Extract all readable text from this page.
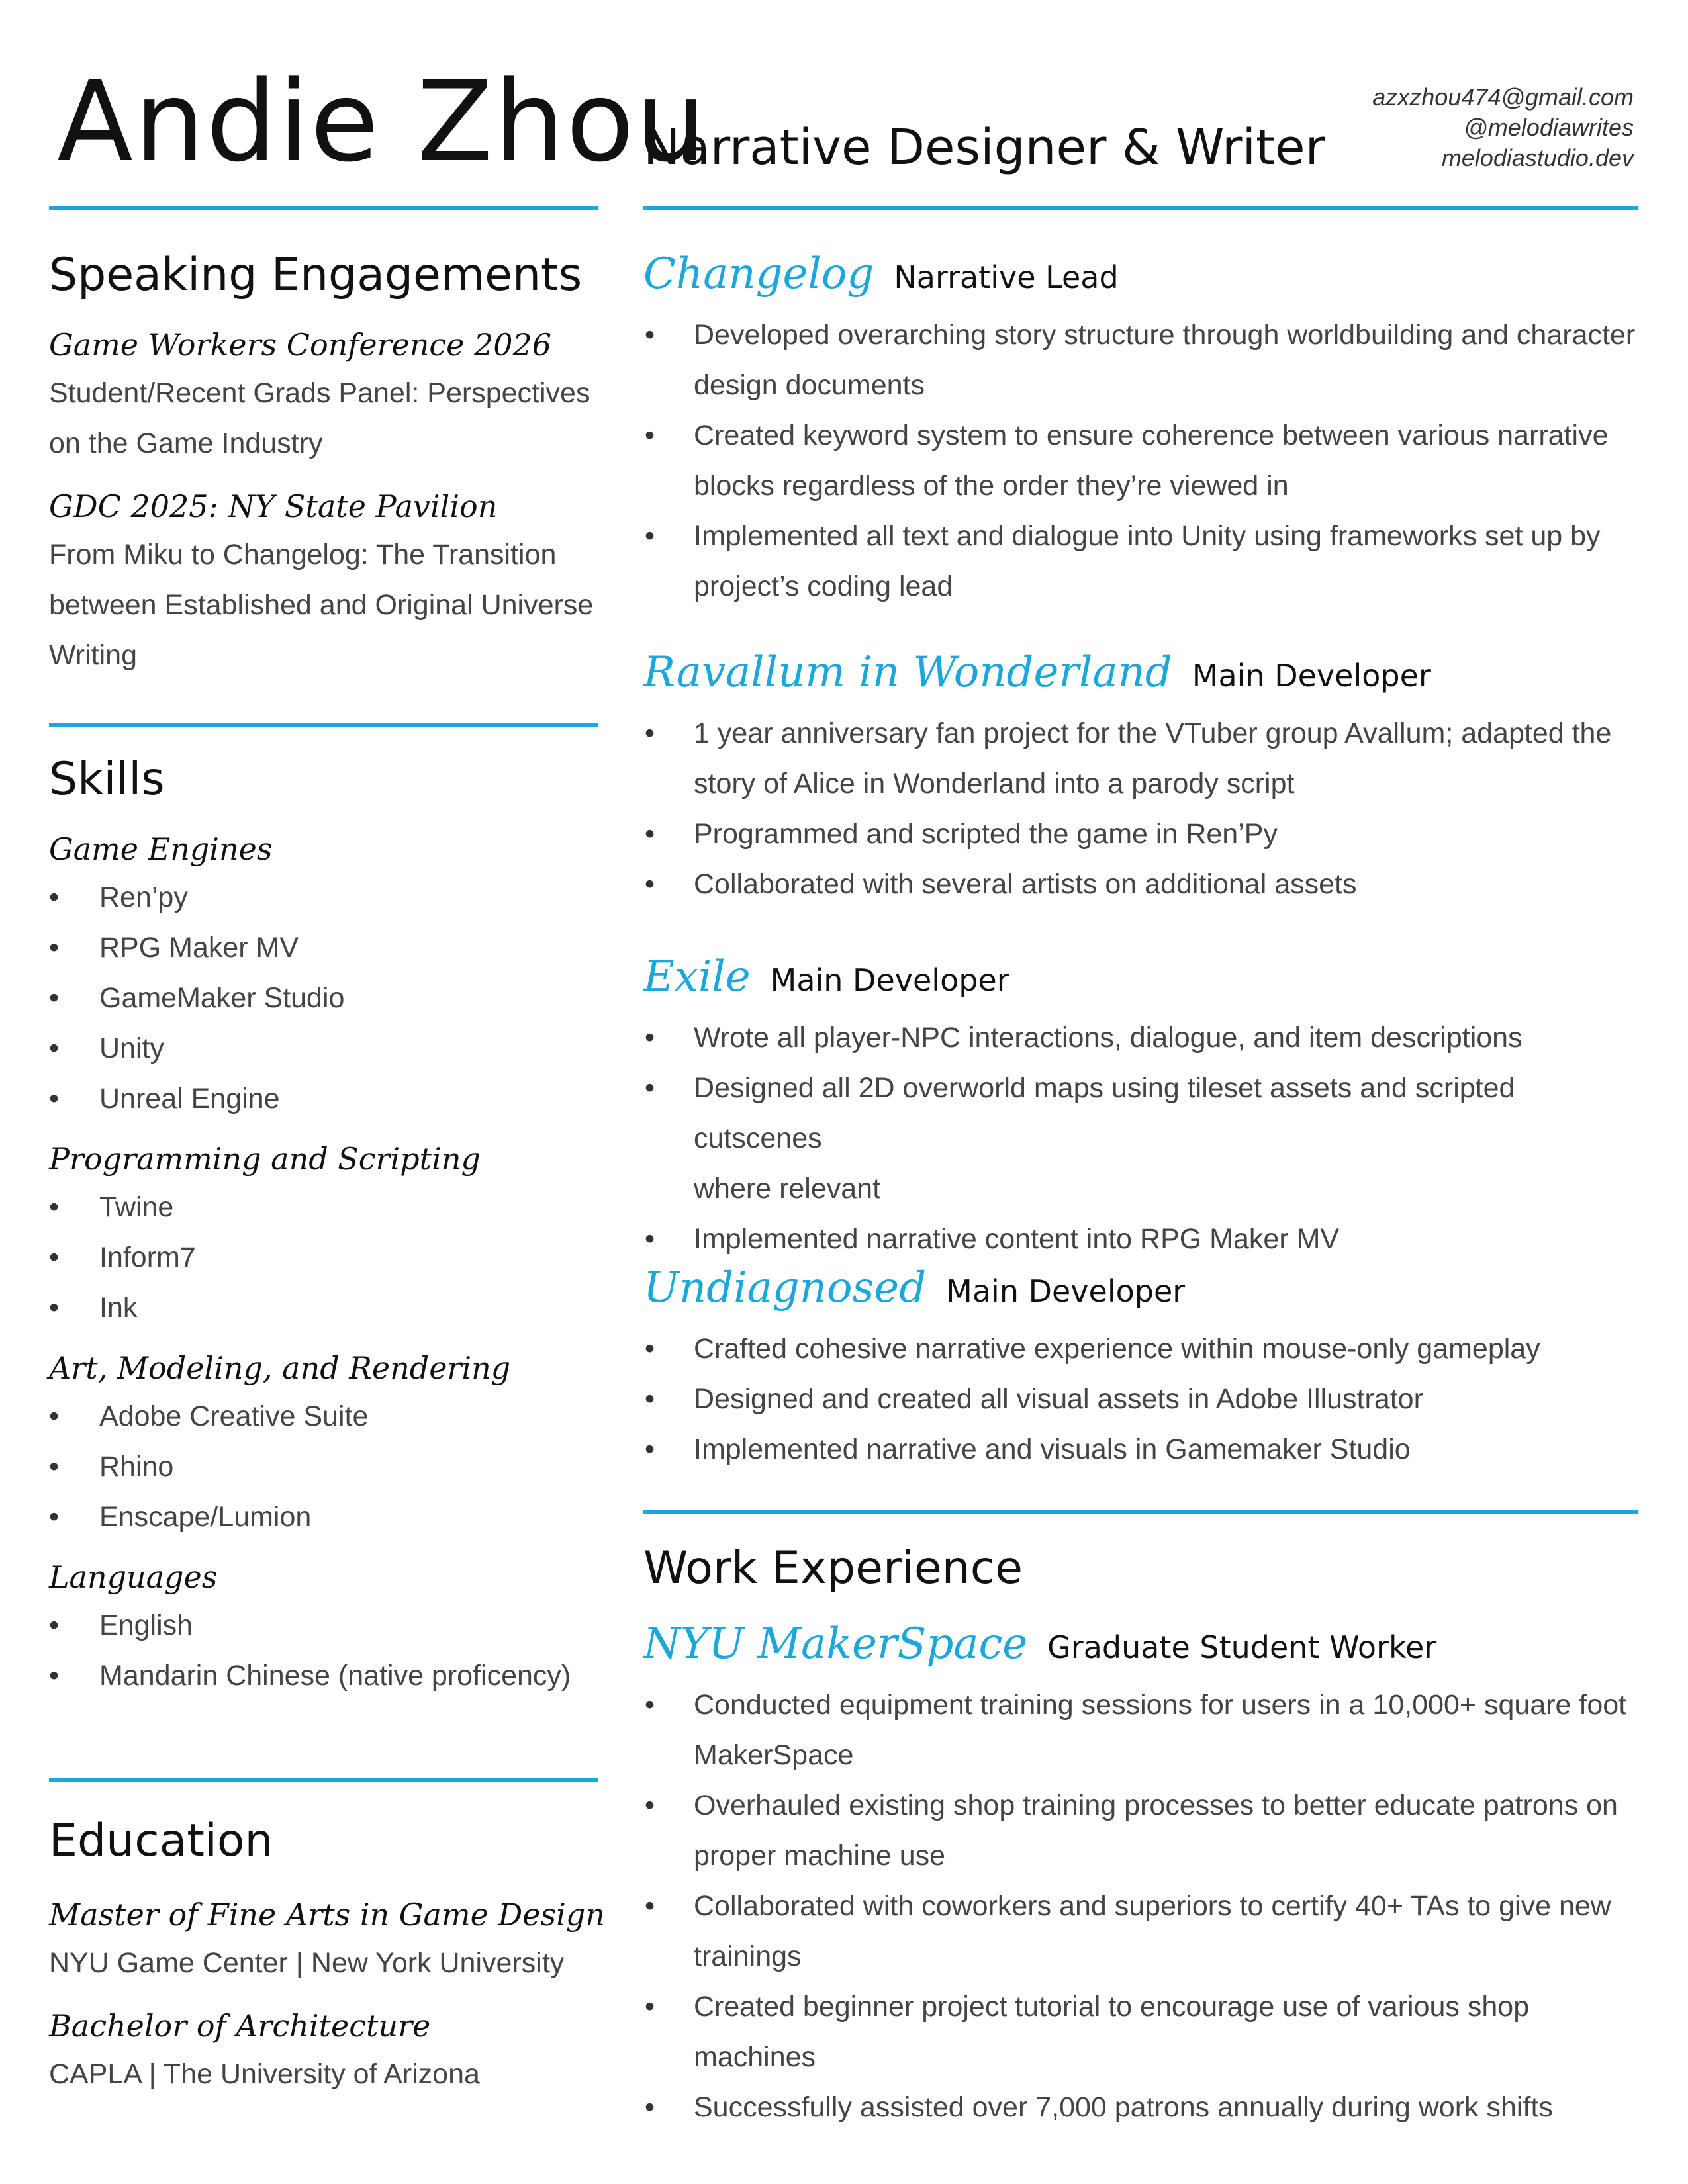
Andie Zhou
Narrative Designer & Writer
azxzhou474@gmail.com
@melodiawrites
melodiastudio.dev
Speaking Engagements
Game Workers Conference 2026
Student/Recent Grads Panel: Perspectives
on the Game Industry
GDC 2025: NY State Pavilion
From Miku to Changelog: The Transition
between Established and Original Universe
Writing
Skills
Game Engines
• Ren’py
• RPG Maker MV
• GameMaker Studio
• Unity
• Unreal Engine
Programming and Scripting
• Twine
• Inform7
• Ink
Art, Modeling, and Rendering
• Adobe Creative Suite
• Rhino
• Enscape/Lumion
Languages
• English
• Mandarin Chinese (native proficency)
Education
Master of Fine Arts in Game Design
NYU Game Center | New York University
Bachelor of Architecture
CAPLA | The University of Arizona
Changelog Narrative Lead
• Developed overarching story structure through worldbuilding and character
design documents
• Created keyword system to ensure coherence between various narrative
blocks regardless of the order they’re viewed in
• Implemented all text and dialogue into Unity using frameworks set up by
project’s coding lead
Ravallum in Wonderland Main Developer
• 1 year anniversary fan project for the VTuber group Avallum; adapted the
story of Alice in Wonderland into a parody script
• Programmed and scripted the game in Ren’Py
• Collaborated with several artists on additional assets
Exile Main Developer
• Wrote all player-NPC interactions, dialogue, and item descriptions
• Designed all 2D overworld maps using tileset assets and scripted cutscenes
where relevant
• Implemented narrative content into RPG Maker MV
Undiagnosed Main Developer
• Crafted cohesive narrative experience within mouse-only gameplay
• Designed and created all visual assets in Adobe Illustrator
• Implemented narrative and visuals in Gamemaker Studio
Work Experience
NYU MakerSpace Graduate Student Worker
• Conducted equipment training sessions for users in a 10,000+ square foot
MakerSpace
• Overhauled existing shop training processes to better educate patrons on
proper machine use
• Collaborated with coworkers and superiors to certify 40+ TAs to give new
trainings
• Created beginner project tutorial to encourage use of various shop machines
• Successfully assisted over 7,000 patrons annually during work shifts
